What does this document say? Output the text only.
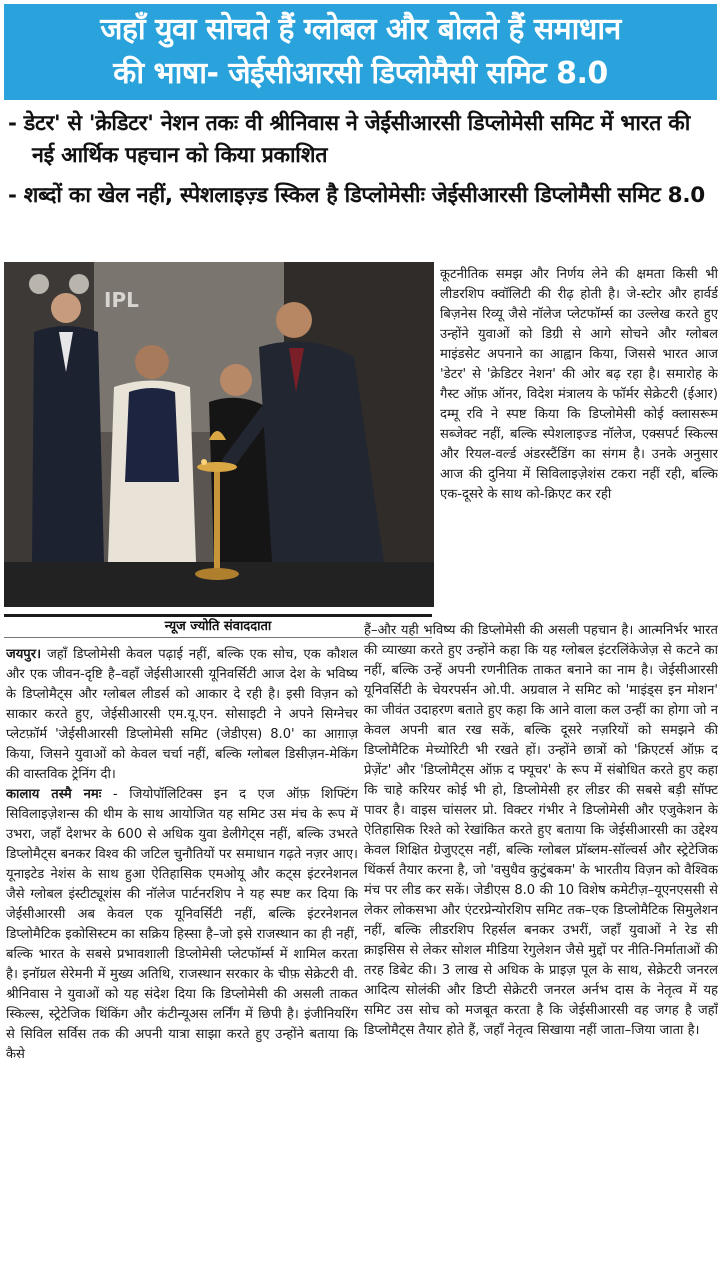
जहाँ युवा सोचते हैं ग्लोबल और बोलते हैं समाधान
की भाषा- जेईसीआरसी डिप्लोमैसी समिट 8.0
- डेटर' से 'क्रेडिटर' नेशन तकः वी श्रीनिवास ने जेईसीआरसी डिप्लोमेसी समिट में भारत की नई आर्थिक पहचान को किया प्रकाशित
- शब्दों का खेल नहीं, स्पेशलाइज़्ड स्किल है डिप्लोमेसीः जेईसीआरसी डिप्लोमैसी समिट 8.0
IPL
न्यूज ज्योति संवाददाता
कूटनीतिक समझ और निर्णय लेने की क्षमता किसी भी लीडरशिप क्वॉलिटी की रीढ़ होती है। जे-स्टोर और हार्वर्ड बिज़नेस रिव्यू जैसे नॉलेज प्लेटफॉर्म्स का उल्लेख करते हुए उन्होंने युवाओं को डिग्री से आगे सोचने और ग्लोबल माइंडसेट अपनाने का आह्वान किया, जिससे भारत आज 'डेटर' से 'क्रेडिटर नेशन' की ओर बढ़ रहा है। समारोह के गैस्ट ऑफ़ ऑनर, विदेश मंत्रालय के फॉर्मर सेक्रेटरी (ईआर) दम्मू रवि ने स्पष्ट किया कि डिप्लोमेसी कोई क्लासरूम सब्जेक्ट नहीं, बल्कि स्पेशलाइज्ड नॉलेज, एक्सपर्ट स्किल्स और रियल-वर्ल्ड अंडरस्टैंडिंग का संगम है। उनके अनुसार आज की दुनिया में सिविलाइज़ेशंस टकरा नहीं रही, बल्कि एक-दूसरे के साथ को-क्रिएट कर रही
हैं–और यही भविष्य की डिप्लोमेसी की असली पहचान है। आत्मनिर्भर भारत की व्याख्या करते हुए उन्होंने कहा कि यह ग्लोबल इंटरलिंकेजेज़ से कटने का नहीं, बल्कि उन्हें अपनी रणनीतिक ताकत बनाने का नाम है। जेईसीआरसी यूनिवर्सिटी के चेयरपर्सन ओ.पी. अग्रवाल ने समिट को 'माइंड्स इन मोशन' का जीवंत उदाहरण बताते हुए कहा कि आने वाला कल उन्हीं का होगा जो न केवल अपनी बात रख सकें, बल्कि दूसरे नज़रियों को समझने की डिप्लोमैटिक मेच्योरिटी भी रखते हों। उन्होंने छात्रों को 'क्रिएटर्स ऑफ़ द प्रेज़ेंट' और 'डिप्लोमैट्स ऑफ़ द फ्यूचर' के रूप में संबोधित करते हुए कहा कि चाहे करियर कोई भी हो, डिप्लोमेसी हर लीडर की सबसे बड़ी सॉफ्ट पावर है। वाइस चांसलर प्रो. विक्टर गंभीर ने डिप्लोमेसी और एजुकेशन के ऐतिहासिक रिश्ते को रेखांकित करते हुए बताया कि जेईसीआरसी का उद्देश्य केवल शिक्षित ग्रेजुएट्स नहीं, बल्कि ग्लोबल प्रॉब्लम-सॉल्वर्स और स्ट्रेटेजिक थिंकर्स तैयार करना है, जो 'वसुधैव कुटुंबकम' के भारतीय विज़न को वैश्विक मंच पर लीड कर सकें। जेडीएस 8.0 की 10 विशेष कमेटीज़–यूएनएससी से लेकर लोकसभा और एंटरप्रेन्योरशिप समिट तक–एक डिप्लोमैटिक सिमुलेशन नहीं, बल्कि लीडरशिप रिहर्सल बनकर उभरीं, जहाँ युवाओं ने रेड सी क्राइसिस से लेकर सोशल मीडिया रेगुलेशन जैसे मुद्दों पर नीति-निर्माताओं की तरह डिबेट की। 3 लाख से अधिक के प्राइज़ पूल के साथ, सेक्रेटरी जनरल आदित्य सोलंकी और डिप्टी सेक्रेटरी जनरल अर्नभ दास के नेतृत्व में यह समिट उस सोच को मजबूत करता है कि जेईसीआरसी वह जगह है जहाँ डिप्लोमैट्स तैयार होते हैं, जहाँ नेतृत्व सिखाया नहीं जाता–जिया जाता है।

जयपुर। जहाँ डिप्लोमेसी केवल पढ़ाई नहीं, बल्कि एक सोच, एक कौशल और एक जीवन-दृष्टि है–वहाँ जेईसीआरसी यूनिवर्सिटी आज देश के भविष्य के डिप्लोमैट्स और ग्लोबल लीडर्स को आकार दे रही है। इसी विज़न को साकार करते हुए, जेईसीआरसी एम.यू.एन. सोसाइटी ने अपने सिग्नेचर प्लेटफ़ॉर्म 'जेईसीआरसी डिप्लोमेसी समिट (जेडीएस) 8.0' का आग़ाज़ किया, जिसने युवाओं को केवल चर्चा नहीं, बल्कि ग्लोबल डिसीज़न-मेकिंग की वास्तविक ट्रेनिंग दी।

कालाय तस्मै नमः - जियोपॉलिटिक्स इन द एज ऑफ़ शिफ्टिंग सिविलाइज़ेशन्स की थीम के साथ आयोजित यह समिट उस मंच के रूप में उभरा, जहाँ देशभर के 600 से अधिक युवा डेलीगेट्स नहीं, बल्कि उभरते डिप्लोमैट्स बनकर विश्व की जटिल चुनौतियों पर समाधान गढ़ते नज़र आए। यूनाइटेड नेशंस के साथ हुआ ऐतिहासिक एमओयू और कट्स इंटरनेशनल जैसे ग्लोबल इंस्टीट्यूशंस की नॉलेज पार्टनरशिप ने यह स्पष्ट कर दिया कि जेईसीआरसी अब केवल एक यूनिवर्सिटी नहीं, बल्कि इंटरनेशनल डिप्लोमैटिक इकोसिस्टम का सक्रिय हिस्सा है–जो इसे राजस्थान का ही नहीं, बल्कि भारत के सबसे प्रभावशाली डिप्लोमेसी प्लेटफॉर्म्स में शामिल करता है। इनॉग्रल सेरेमनी में मुख्य अतिथि, राजस्थान सरकार के चीफ़ सेक्रेटरी वी. श्रीनिवास ने युवाओं को यह संदेश दिया कि डिप्लोमेसी की असली ताकत स्किल्स, स्ट्रेटेजिक थिंकिंग और कंटीन्यूअस लर्निंग में छिपी है। इंजीनियरिंग से सिविल सर्विस तक की अपनी यात्रा साझा करते हुए उन्होंने बताया कि कैसे
